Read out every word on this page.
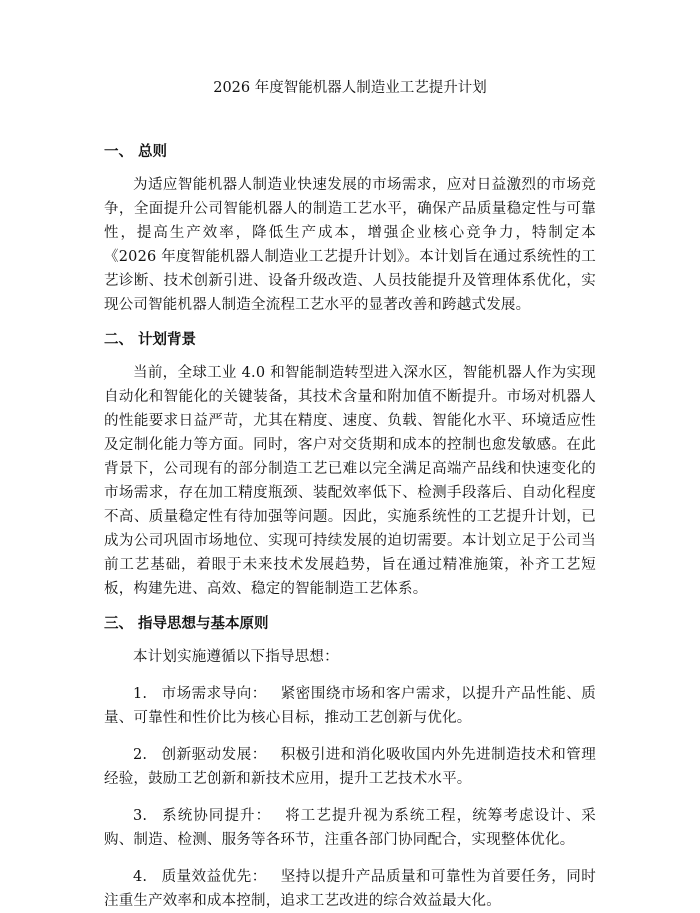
2026 年度智能机器人制造业工艺提升计划
一、 总则

为适应智能机器人制造业快速发展的市场需求，应对日益激烈的市场竞争，全面提升公司智能机器人的制造工艺水平，确保产品质量稳定性与可靠性，提高生产效率，降低生产成本，增强企业核心竞争力，特制定本《2026 年度智能机器人制造业工艺提升计划》。本计划旨在通过系统性的工艺诊断、技术创新引进、设备升级改造、人员技能提升及管理体系优化，实现公司智能机器人制造全流程工艺水平的显著改善和跨越式发展。

二、 计划背景

当前，全球工业 4.0 和智能制造转型进入深水区，智能机器人作为实现自动化和智能化的关键装备，其技术含量和附加值不断提升。市场对机器人的性能要求日益严苛，尤其在精度、速度、负载、智能化水平、环境适应性及定制化能力等方面。同时，客户对交货期和成本的控制也愈发敏感。在此背景下，公司现有的部分制造工艺已难以完全满足高端产品线和快速变化的市场需求，存在加工精度瓶颈、装配效率低下、检测手段落后、自动化程度不高、质量稳定性有待加强等问题。因此，实施系统性的工艺提升计划，已成为公司巩固市场地位、实现可持续发展的迫切需要。本计划立足于公司当前工艺基础，着眼于未来技术发展趋势，旨在通过精准施策，补齐工艺短板，构建先进、高效、稳定的智能制造工艺体系。

三、 指导思想与基本原则

本计划实施遵循以下指导思想：

1. 市场需求导向： 紧密围绕市场和客户需求，以提升产品性能、质量、可靠性和性价比为核心目标，推动工艺创新与优化。

2. 创新驱动发展： 积极引进和消化吸收国内外先进制造技术和管理经验，鼓励工艺创新和新技术应用，提升工艺技术水平。

3. 系统协同提升： 将工艺提升视为系统工程，统筹考虑设计、采购、制造、检测、服务等各环节，注重各部门协同配合，实现整体优化。

4. 质量效益优先： 坚持以提升产品质量和可靠性为首要任务，同时注重生产效率和成本控制，追求工艺改进的综合效益最大化。
